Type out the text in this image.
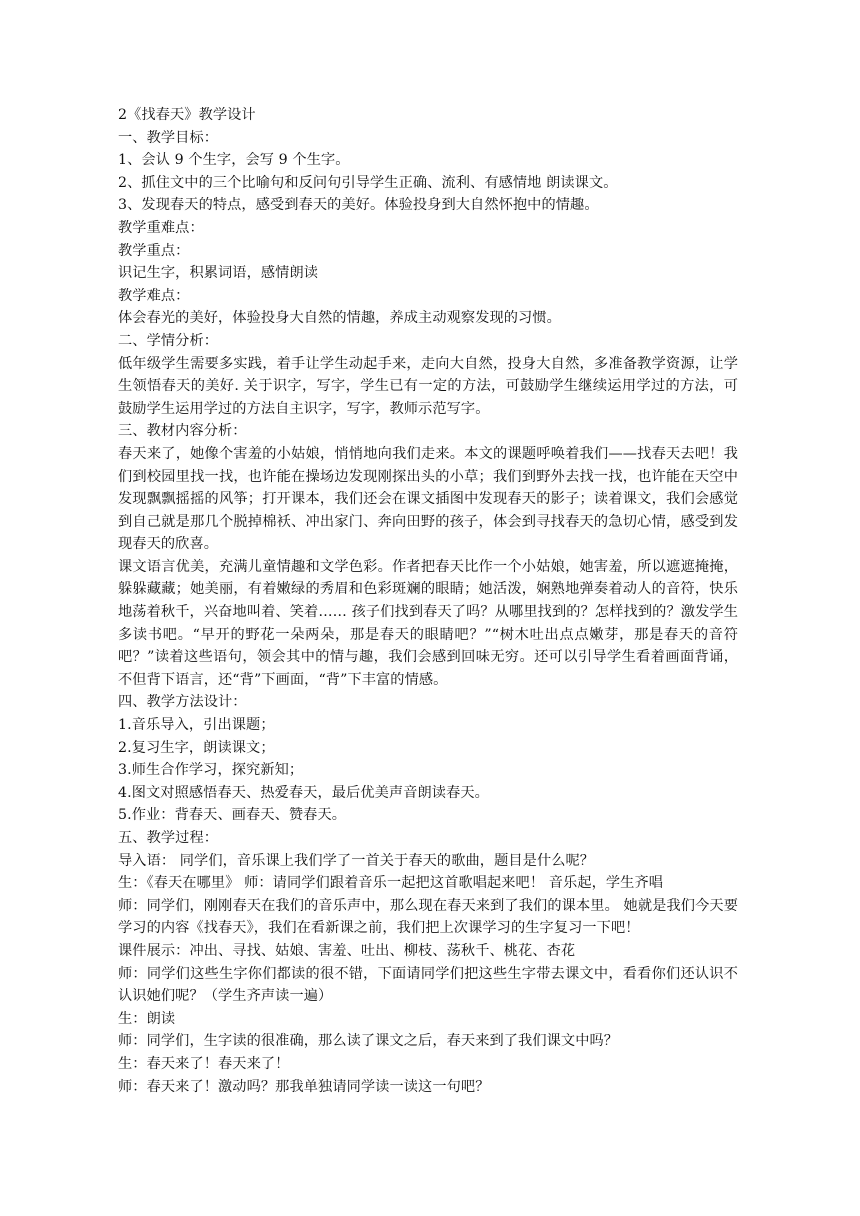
2《找春天》教学设计
一、教学目标：
1、会认 9 个生字，会写 9 个生字。
2、抓住文中的三个比喻句和反问句引导学生正确、流利、有感情地 朗读课文。
3、发现春天的特点，感受到春天的美好。体验投身到大自然怀抱中的情趣。
教学重难点：
教学重点：
识记生字，积累词语，感情朗读
教学难点：
体会春光的美好，体验投身大自然的情趣，养成主动观察发现的习惯。
二、学情分析：
低年级学生需要多实践，着手让学生动起手来，走向大自然，投身大自然，多准备教学资源，让学生领悟春天的美好. 关于识字，写字，学生已有一定的方法，可鼓励学生继续运用学过的方法，可鼓励学生运用学过的方法自主识字，写字，教师示范写字。
三、教材内容分析：
春天来了，她像个害羞的小姑娘，悄悄地向我们走来。本文的课题呼唤着我们——找春天去吧！我们到校园里找一找，也许能在操场边发现刚探出头的小草；我们到野外去找一找，也许能在天空中发现飘飘摇摇的风筝；打开课本，我们还会在课文插图中发现春天的影子；读着课文，我们会感觉到自己就是那几个脱掉棉袄、冲出家门、奔向田野的孩子，体会到寻找春天的急切心情，感受到发现春天的欣喜。
课文语言优美，充满儿童情趣和文学色彩。作者把春天比作一个小姑娘，她害羞，所以遮遮掩掩，躲躲藏藏；她美丽，有着嫩绿的秀眉和色彩斑斓的眼睛；她活泼，娴熟地弹奏着动人的音符，快乐地荡着秋千，兴奋地叫着、笑着…… 孩子们找到春天了吗？从哪里找到的？怎样找到的？激发学生多读书吧。“早开的野花一朵两朵，那是春天的眼睛吧？”“树木吐出点点嫩芽，那是春天的音符吧？”读着这些语句，领会其中的情与趣，我们会感到回味无穷。还可以引导学生看着画面背诵，不但背下语言，还“背”下画面，“背”下丰富的情感。
四、教学方法设计：
1.音乐导入，引出课题；
2.复习生字，朗读课文；
3.师生合作学习，探究新知；
4.图文对照感悟春天、热爱春天，最后优美声音朗读春天。
5.作业：背春天、画春天、赞春天。
五、教学过程：
导入语： 同学们，音乐课上我们学了一首关于春天的歌曲，题目是什么呢？
生：《春天在哪里》 师：请同学们跟着音乐一起把这首歌唱起来吧！ 音乐起，学生齐唱
师：同学们，刚刚春天在我们的音乐声中，那么现在春天来到了我们的课本里。 她就是我们今天要学习的内容《找春天》，我们在看新课之前，我们把上次课学习的生字复习一下吧！
课件展示：冲出、寻找、姑娘、害羞、吐出、柳枝、荡秋千、桃花、杏花
师：同学们这些生字你们都读的很不错，下面请同学们把这些生字带去课文中，看看你们还认识不认识她们呢？（学生齐声读一遍）
生：朗读
师：同学们，生字读的很准确，那么读了课文之后，春天来到了我们课文中吗？
生：春天来了！春天来了！
师：春天来了！激动吗？那我单独请同学读一读这一句吧？
